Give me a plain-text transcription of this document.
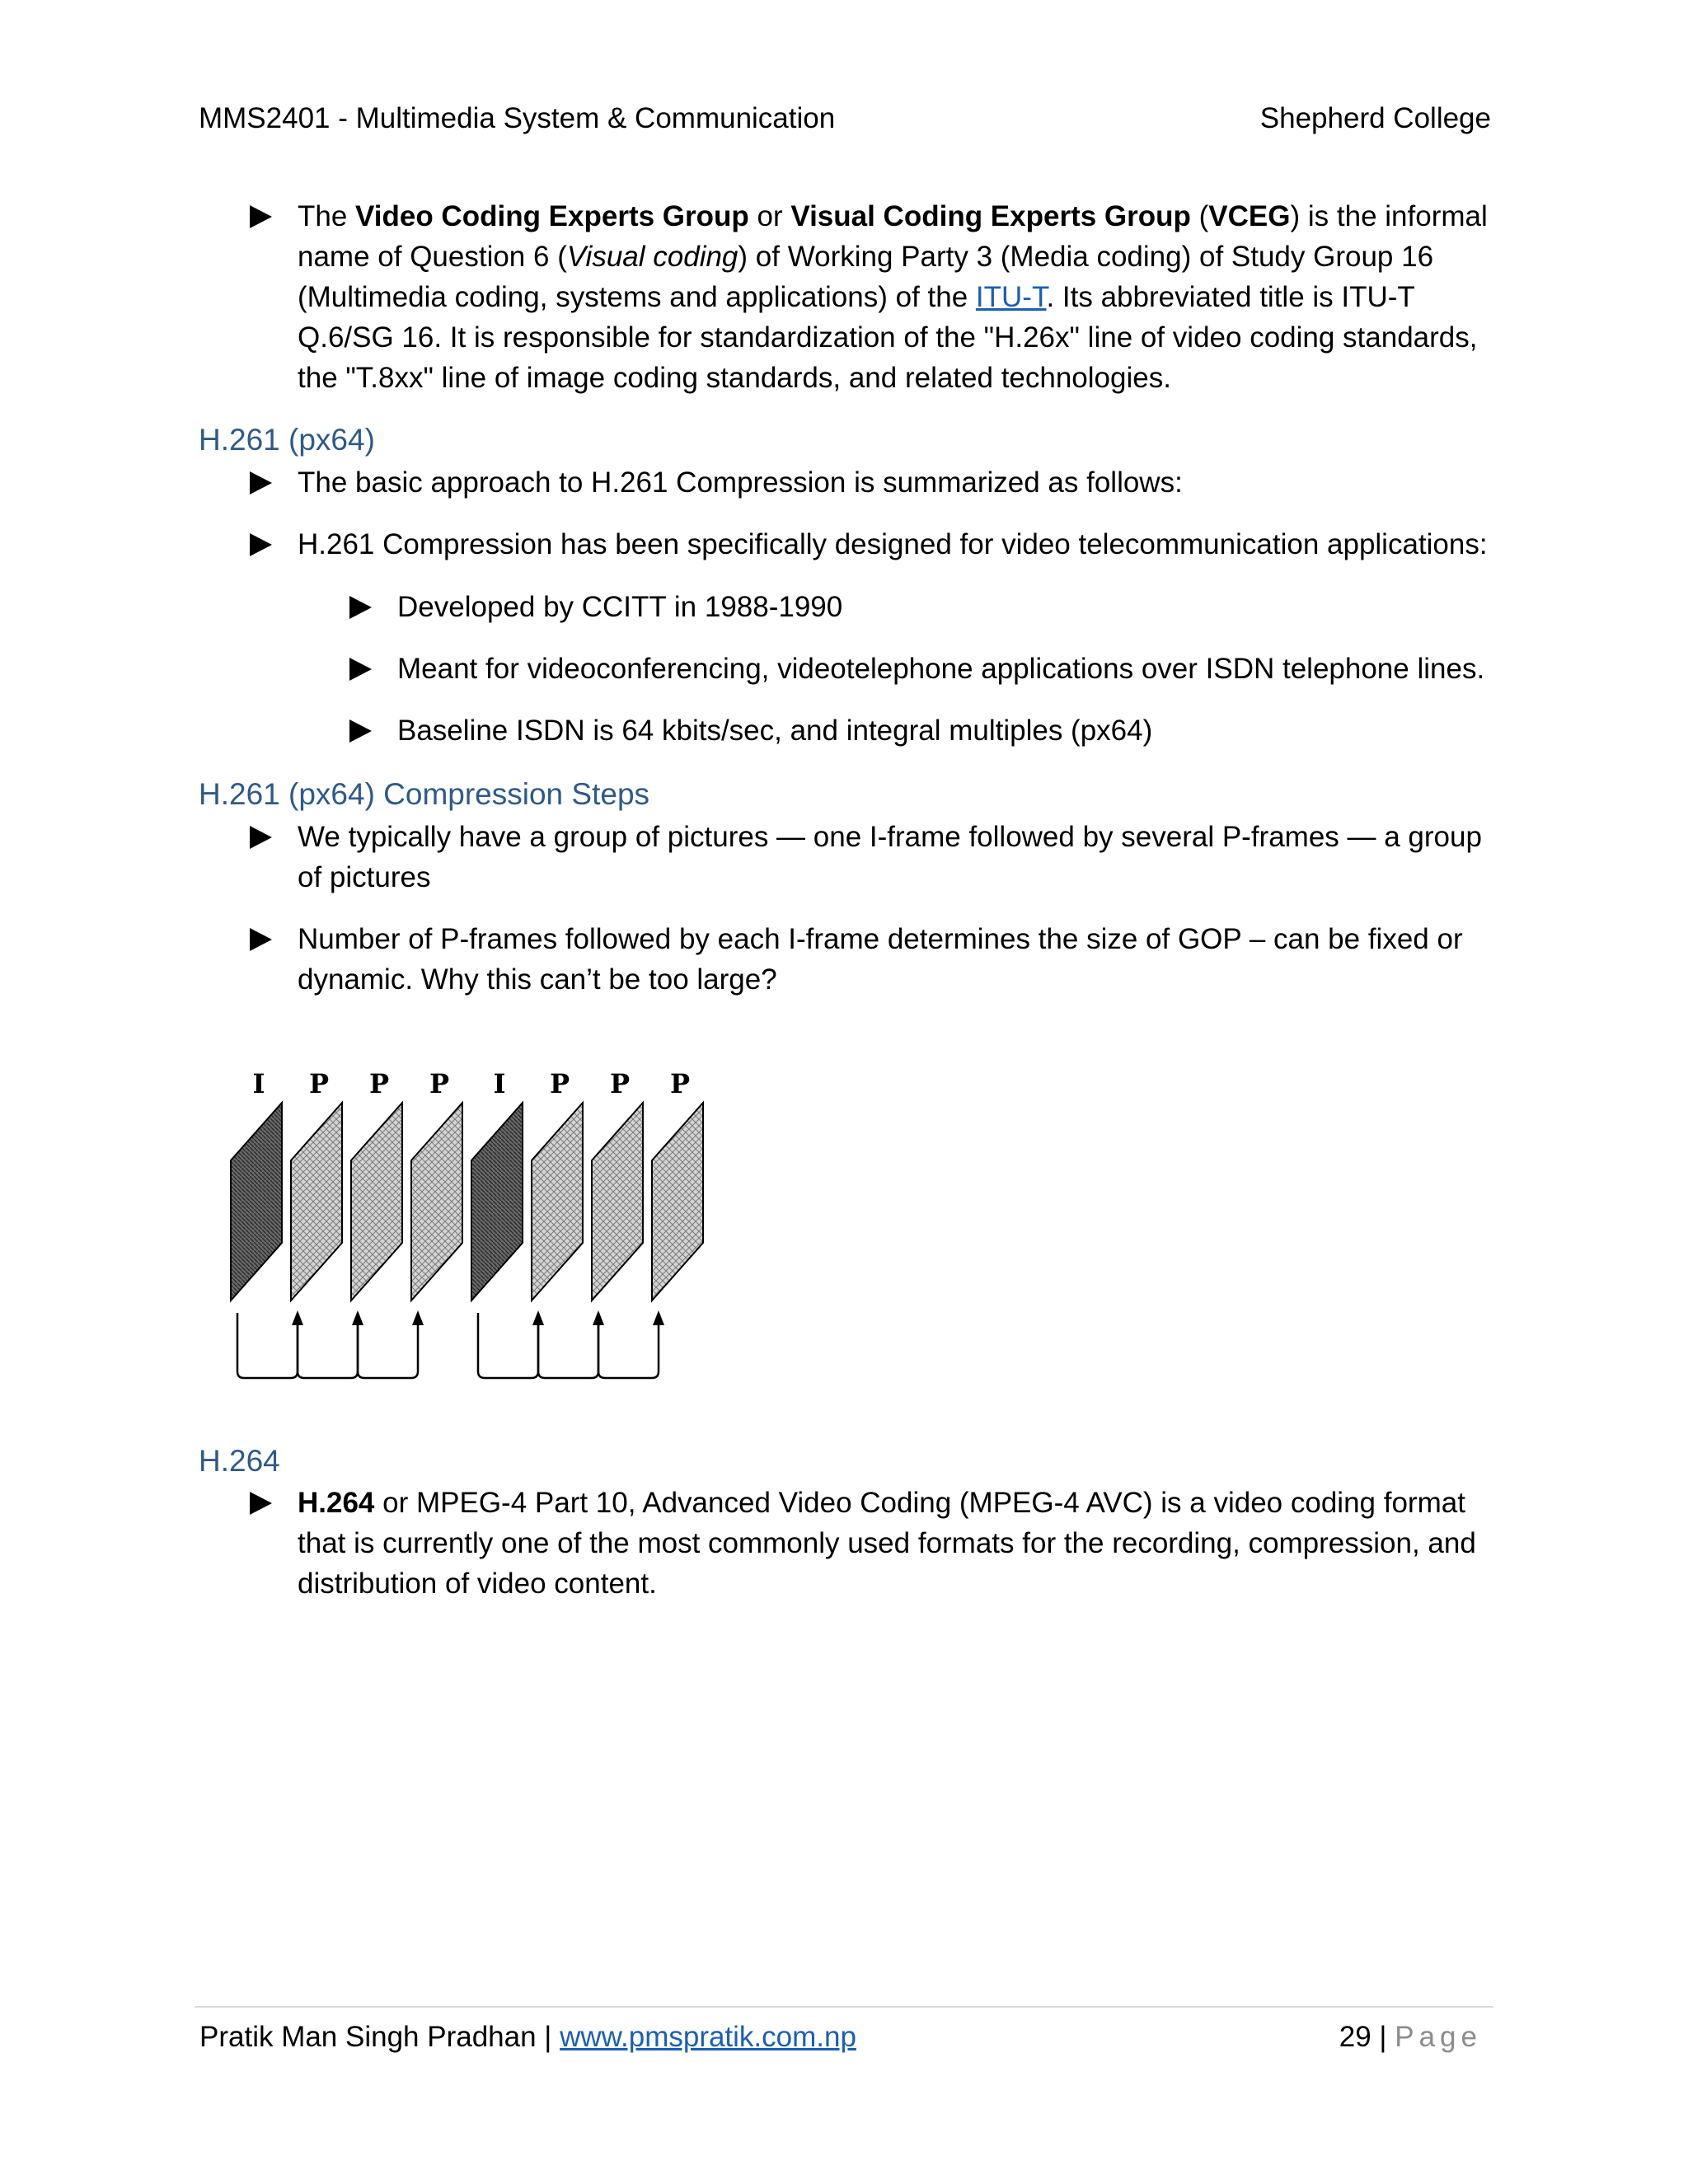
MMS2401 - Multimedia System & Communication	Shepherd College
The Video Coding Experts Group or Visual Coding Experts Group (VCEG) is the informal name of Question 6 (Visual coding) of Working Party 3 (Media coding) of Study Group 16 (Multimedia coding, systems and applications) of the ITU-T. Its abbreviated title is ITU-T Q.6/SG 16. It is responsible for standardization of the "H.26x" line of video coding standards, the "T.8xx" line of image coding standards, and related technologies.
H.261 (px64)
The basic approach to H.261 Compression is summarized as follows:
H.261 Compression has been specifically designed for video telecommunication applications:
Developed by CCITT in 1988-1990
Meant for videoconferencing, videotelephone applications over ISDN telephone lines.
Baseline ISDN is 64 kbits/sec, and integral multiples (px64)
H.261 (px64) Compression Steps
We typically have a group of pictures — one I-frame followed by several P-frames — a group of pictures
Number of P-frames followed by each I-frame determines the size of GOP – can be fixed or dynamic. Why this can’t be too large?
H.264
H.264 or MPEG-4 Part 10, Advanced Video Coding (MPEG-4 AVC) is a video coding format that is currently one of the most commonly used formats for the recording, compression, and distribution of video content.
I P P P I P P P
Pratik Man Singh Pradhan | www.pmspratik.com.np	29 | Page
